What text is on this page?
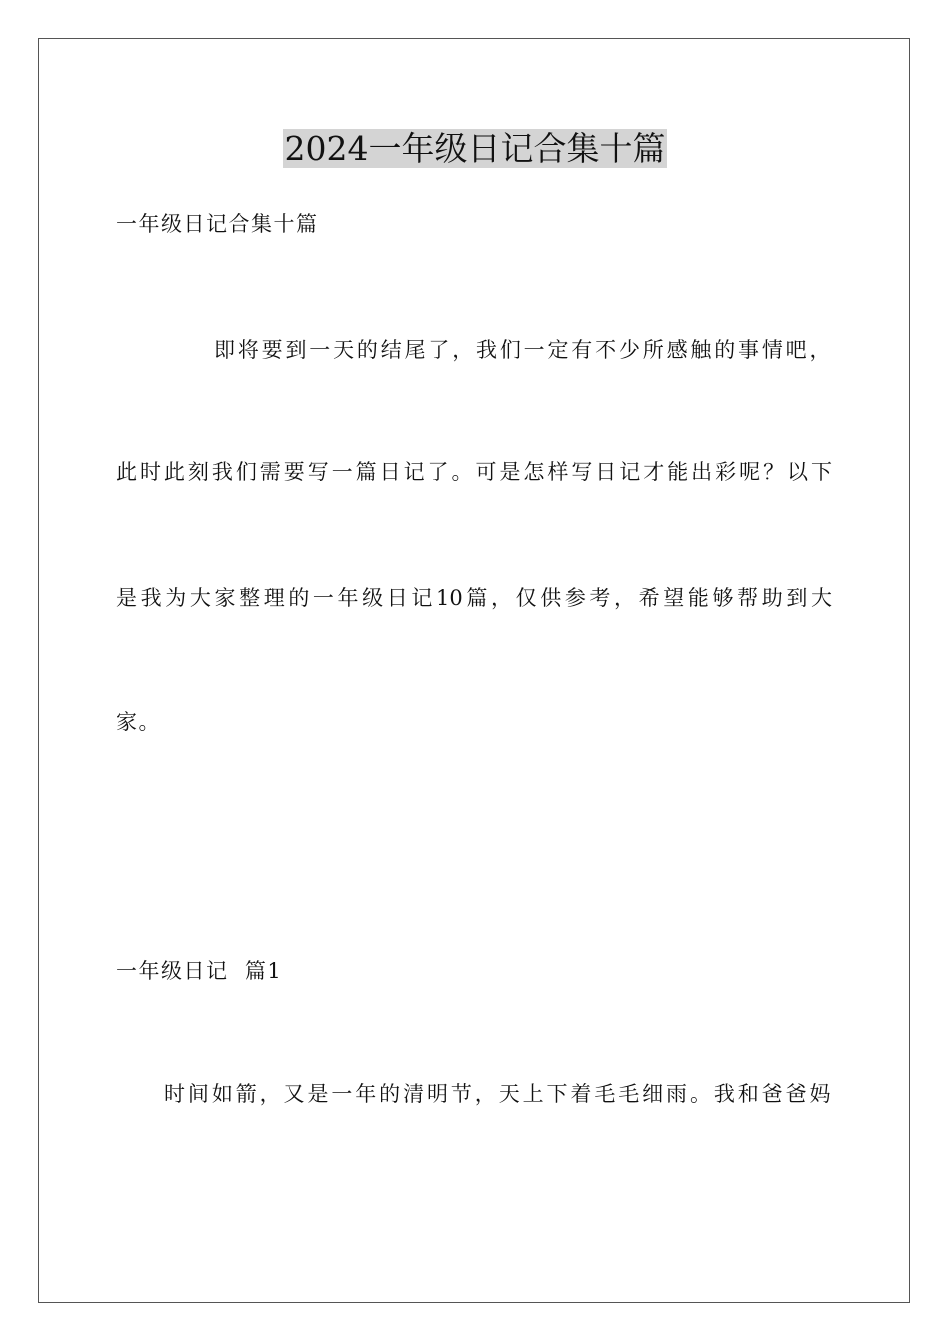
2024一年级日记合集十篇
一年级日记合集十篇
即将要到一天的结尾了，我们一定有不少所感触的事情吧，
此时此刻我们需要写一篇日记了。可是怎样写日记才能出彩呢？以下
是我为大家整理的一年级日记10篇，仅供参考，希望能够帮助到大
家。
一年级日记  篇1
时间如箭，又是一年的清明节，天上下着毛毛细雨。我和爸爸妈
